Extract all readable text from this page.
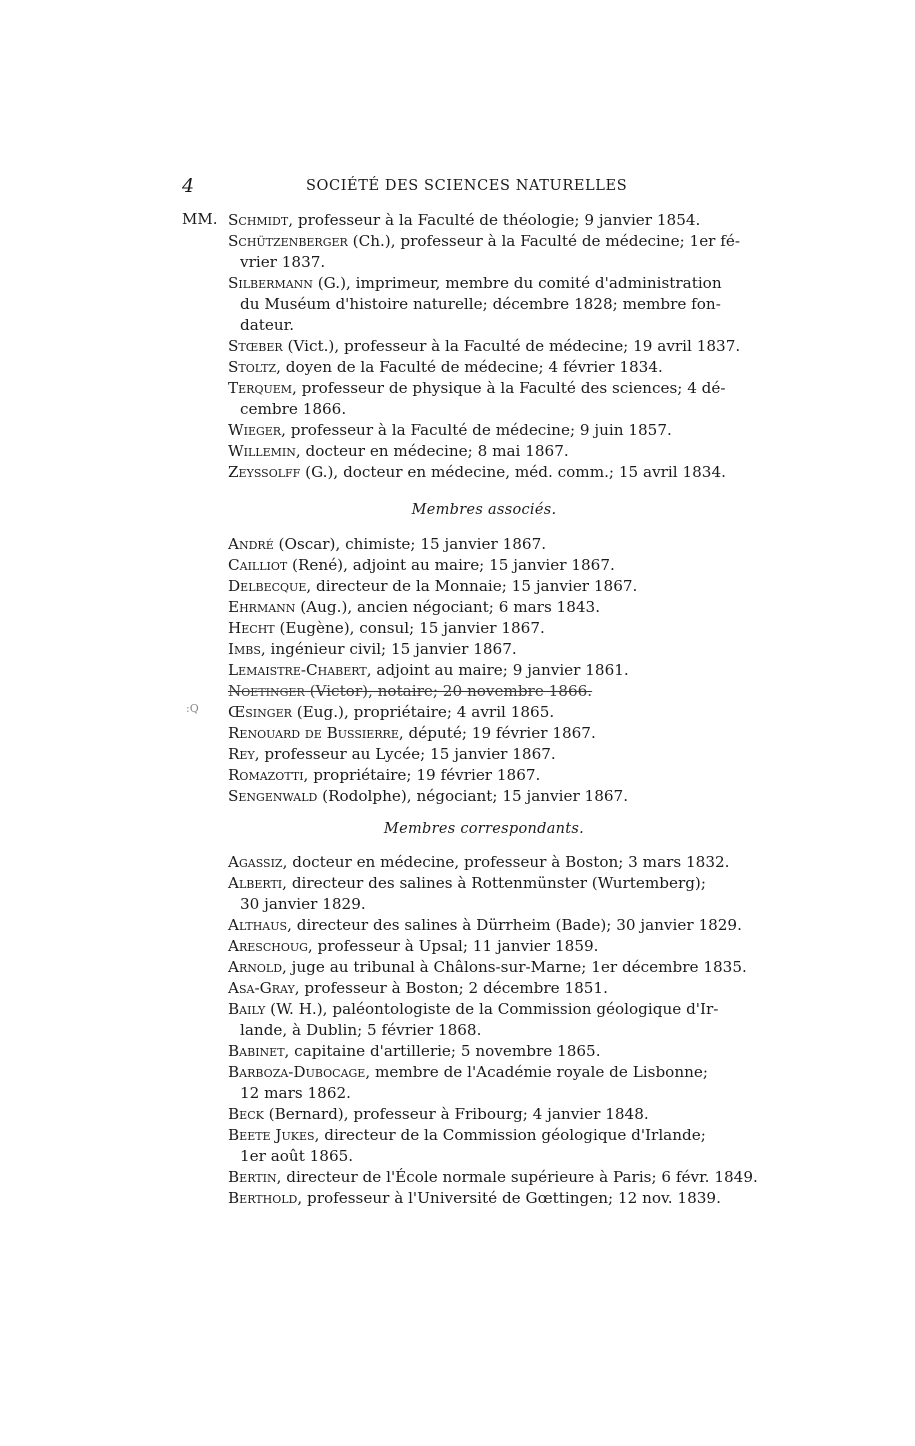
4	SOCIÉTÉ DES SCIENCES NATURELLES
MM. Schmidt, professeur à la Faculté de théologie; 9 janvier 1854.
Schützenberger (Ch.), professeur à la Faculté de médecine; 1er fé-
vrier 1837.
Silbermann (G.), imprimeur, membre du comité d'administration
du Muséum d'histoire naturelle; décembre 1828; membre fon-
dateur.
Stœber (Vict.), professeur à la Faculté de médecine; 19 avril 1837.
Stoltz, doyen de la Faculté de médecine; 4 février 1834.
Terquem, professeur de physique à la Faculté des sciences; 4 dé-
cembre 1866.
Wieger, professeur à la Faculté de médecine; 9 juin 1857.
Willemin, docteur en médecine; 8 mai 1867.
Zeyssolff (G.), docteur en médecine, méd. comm.; 15 avril 1834.
Membres associés.
André (Oscar), chimiste; 15 janvier 1867.
Cailliot (René), adjoint au maire; 15 janvier 1867.
Delbecque, directeur de la Monnaie; 15 janvier 1867.
Ehrmann (Aug.), ancien négociant; 6 mars 1843.
Hecht (Eugène), consul; 15 janvier 1867.
Imbs, ingénieur civil; 15 janvier 1867.
Lemaistre-Chabert, adjoint au maire; 9 janvier 1861.
Noetinger (Victor), notaire; 20 novembre 1866.
Œsinger (Eug.), propriétaire; 4 avril 1865.
Renouard de Bussierre, député; 19 février 1867.
Rey, professeur au Lycée; 15 janvier 1867.
Romazotti, propriétaire; 19 février 1867.
Sengenwald (Rodolphe), négociant; 15 janvier 1867.
Membres correspondants.
Agassiz, docteur en médecine, professeur à Boston; 3 mars 1832.
Alberti, directeur des salines à Rottenmünster (Wurtemberg);
30 janvier 1829.
Althaus, directeur des salines à Dürrheim (Bade); 30 janvier 1829.
Areschoug, professeur à Upsal; 11 janvier 1859.
Arnold, juge au tribunal à Châlons-sur-Marne; 1er décembre 1835.
Asa-Gray, professeur à Boston; 2 décembre 1851.
Baily (W. H.), paléontologiste de la Commission géologique d'Ir-
lande, à Dublin; 5 février 1868.
Babinet, capitaine d'artillerie; 5 novembre 1865.
Barboza-Dubocage, membre de l'Académie royale de Lisbonne;
12 mars 1862.
Beck (Bernard), professeur à Fribourg; 4 janvier 1848.
Beete Jukes, directeur de la Commission géologique d'Irlande;
1er août 1865.
Bertin, directeur de l'École normale supérieure à Paris; 6 févr. 1849.
Berthold, professeur à l'Université de Gœttingen; 12 nov. 1839.
:Q
